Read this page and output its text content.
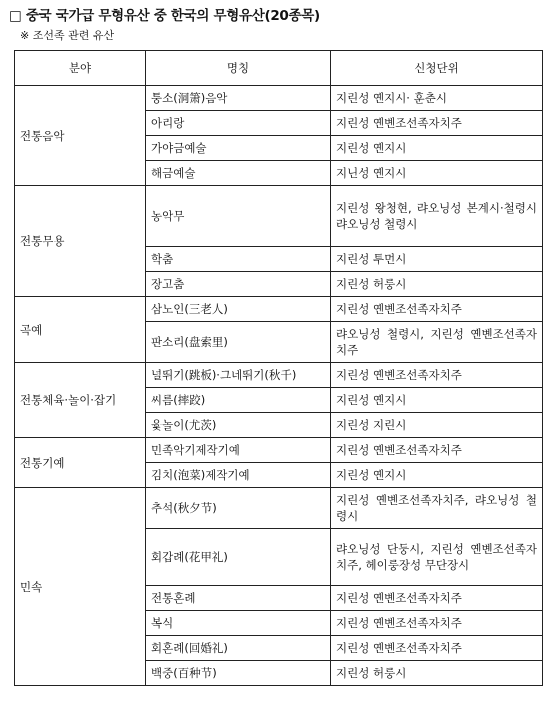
□ 중국 국가급 무형유산 중 한국의 무형유산(20종목)
※ 조선족 관련 유산
분야	명칭	신청단위
전통음악	퉁소(洞箫)음악	지린성 옌지시· 훈춘시
	아리랑	지린성 옌볜조선족자치주
	가야금예술	지린성 옌지시
	해금예술	지닌성 옌지시
전통무용	농악무	지린성 왕청현, 랴오닝성 본계시·철령시 랴오닝성 철령시

	학춤	지린성 투먼시
	장고춤	지린성 허룽시
곡예	삼노인(三老人)	지린성 옌볜조선족자치주
	판소리(盘索里)	랴오닝성 철령시, 지린성 옌볜조선족자치주

전통체육·놀이·잡기	널뛰기(跳板)·그네뛰기(秋千)	지린성 옌볜조선족자치주
	씨름(摔跤)	지린성 옌지시
	윷놀이(尤茨)	지린성 지린시
전통기예	민족악기제작기예	지린성 옌볜조선족자치주
	김치(泡菜)제작기예	지린성 옌지시
민속	추석(秋夕节)	지린성 옌볜조선족자치주, 랴오닝성 철령시

	회갑례(花甲礼)	랴오닝성 단둥시, 지린성 옌볜조선족자치주, 헤이룽장성 무단장시

	전통혼례	지린성 옌볜조선족자치주
	복식	지린성 옌볜조선족자치주
	회혼례(回婚礼)	지린성 옌볜조선족자치주
	백중(百种节)	지린성 허룽시
